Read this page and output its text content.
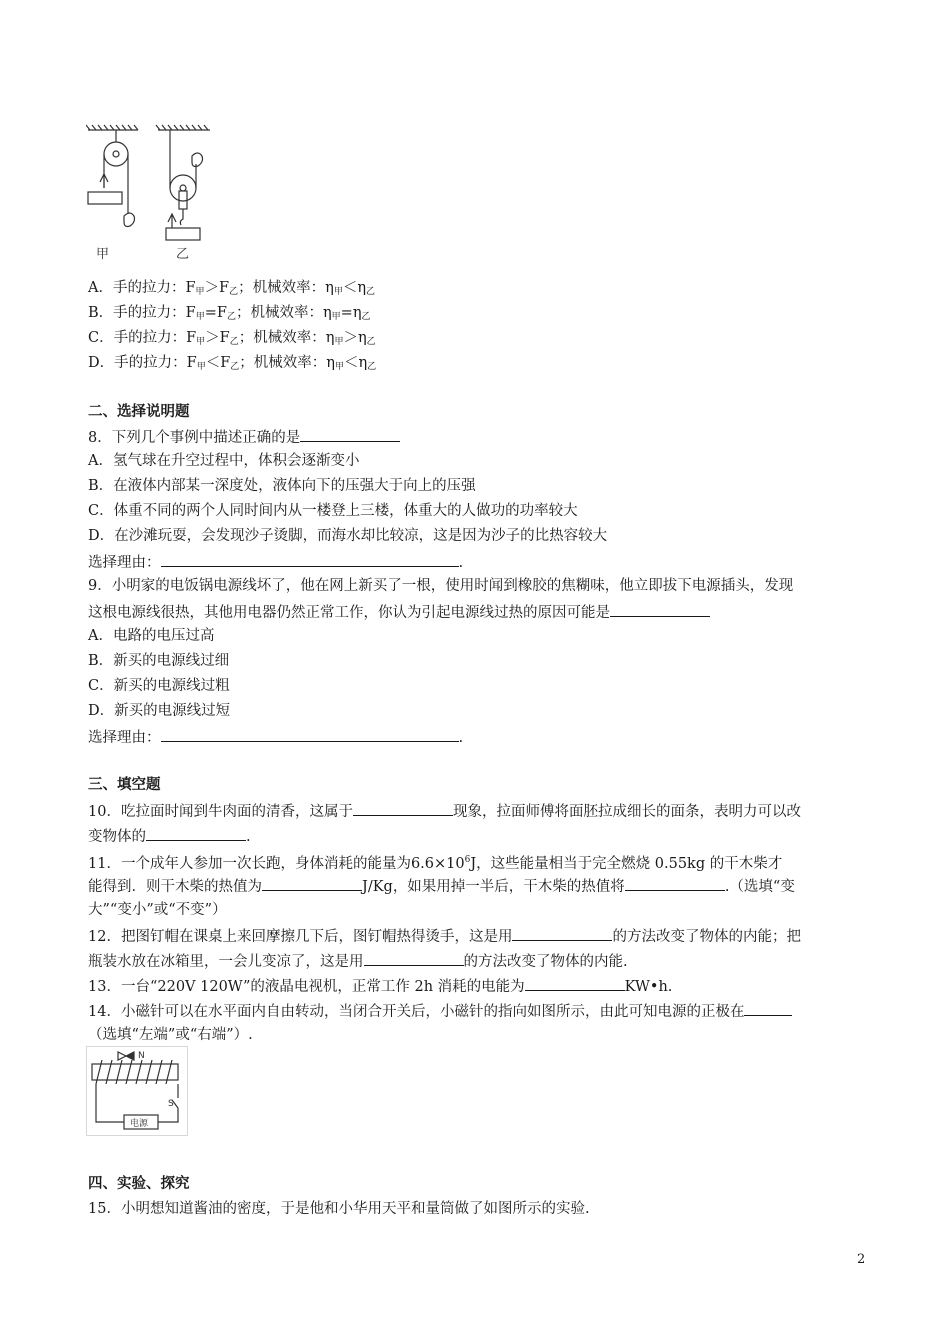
甲	乙
A．手的拉力：$F_甲>F_乙$；机械效率：$\eta_甲<\eta_乙$
B．手的拉力：$F_甲=F_乙$；机械效率：$\eta_甲=\eta_乙$
C．手的拉力：$F_甲>F_乙$；机械效率：$\eta_甲>\eta_乙$
D．手的拉力：$F_甲<F_乙$；机械效率：$\eta_甲<\eta_乙$
二、选择说明题
8．下列几个事例中描述正确的是
A．氢气球在升空过程中，体积会逐渐变小
B．在液体内部某一深度处，液体向下的压强大于向上的压强
C．体重不同的两个人同时间内从一楼登上三楼，体重大的人做功的功率较大
D．在沙滩玩耍，会发现沙子烫脚，而海水却比较凉，这是因为沙子的比热容较大
选择理由：	.
9．小明家的电饭锅电源线坏了，他在网上新买了一根，使用时闻到橡胶的焦糊味，他立即拔下电源插头，发现
这根电源线很热，其他用电器仍然正常工作，你认为引起电源线过热的原因可能是
A．电路的电压过高
B．新买的电源线过细
C．新买的电源线过粗
D．新买的电源线过短
选择理由：	.
三、填空题
10．吃拉面时闻到牛肉面的清香，这属于	现象，拉面师傅将面胚拉成细长的面条，表明力可以改
变物体的	.
11．一个成年人参加一次长跑，身体消耗的能量为$6.6\times 10^6J$，这些能量相当于完全燃烧 0.55kg 的干木柴才
能得到．则干木柴的热值为	J/Kg，如果用掉一半后，干木柴的热值将	.（选填“变
大”“变小”或“不变”）
12．把图钉帽在课桌上来回摩擦几下后，图钉帽热得烫手，这是用	的方法改变了物体的内能；把
瓶装水放在冰箱里，一会儿变凉了，这是用	的方法改变了物体的内能.
13．一台“220V 120W”的液晶电视机，正常工作 2h 消耗的电能为	KW•h.
14．小磁针可以在水平面内自由转动，当闭合开关后，小磁针的指向如图所示，由此可知电源的正极在
（选填“左端”或“右端”）.
N
S
电源
四、实验、探究
15．小明想知道酱油的密度，于是他和小华用天平和量筒做了如图所示的实验.
2
